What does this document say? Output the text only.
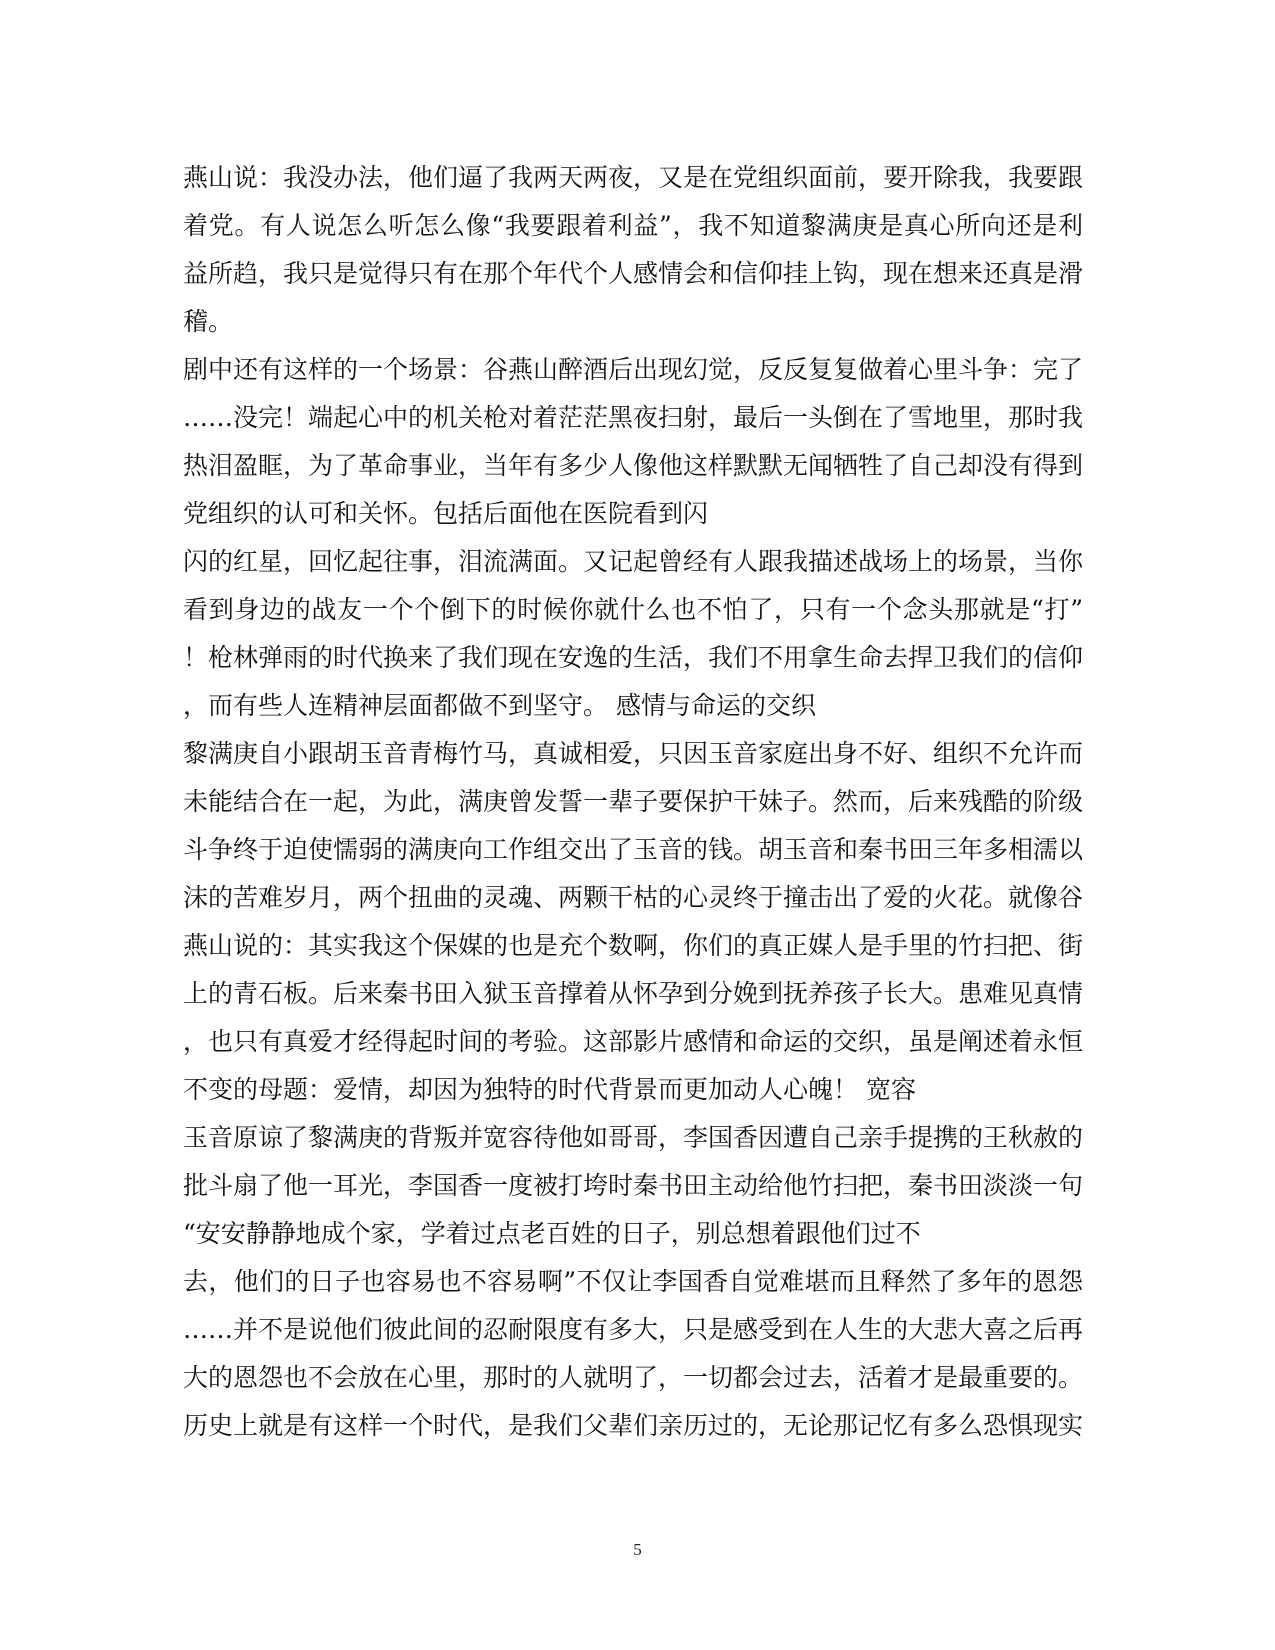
燕山说：我没办法，他们逼了我两天两夜，又是在党组织面前，要开除我，我要跟
着党。有人说怎么听怎么像“我要跟着利益”，我不知道黎满庚是真心所向还是利
益所趋，我只是觉得只有在那个年代个人感情会和信仰挂上钩，现在想来还真是滑
稽。
剧中还有这样的一个场景：谷燕山醉酒后出现幻觉，反反复复做着心里斗争：完了
……没完！端起心中的机关枪对着茫茫黑夜扫射，最后一头倒在了雪地里，那时我
热泪盈眶，为了革命事业，当年有多少人像他这样默默无闻牺牲了自己却没有得到
党组织的认可和关怀。包括后面他在医院看到闪
闪的红星，回忆起往事，泪流满面。又记起曾经有人跟我描述战场上的场景，当你
看到身边的战友一个个倒下的时候你就什么也不怕了，只有一个念头那就是“打”
！枪林弹雨的时代换来了我们现在安逸的生活，我们不用拿生命去捍卫我们的信仰
，而有些人连精神层面都做不到坚守。 感情与命运的交织
黎满庚自小跟胡玉音青梅竹马，真诚相爱，只因玉音家庭出身不好、组织不允许而
未能结合在一起，为此，满庚曾发誓一辈子要保护干妹子。然而，后来残酷的阶级
斗争终于迫使懦弱的满庚向工作组交出了玉音的钱。胡玉音和秦书田三年多相濡以
沫的苦难岁月，两个扭曲的灵魂、两颗干枯的心灵终于撞击出了爱的火花。就像谷
燕山说的：其实我这个保媒的也是充个数啊，你们的真正媒人是手里的竹扫把、街
上的青石板。后来秦书田入狱玉音撑着从怀孕到分娩到抚养孩子长大。患难见真情
，也只有真爱才经得起时间的考验。这部影片感情和命运的交织，虽是阐述着永恒
不变的母题：爱情，却因为独特的时代背景而更加动人心魄！ 宽容
玉音原谅了黎满庚的背叛并宽容待他如哥哥，李国香因遭自己亲手提携的王秋赦的
批斗扇了他一耳光，李国香一度被打垮时秦书田主动给他竹扫把，秦书田淡淡一句
“安安静静地成个家，学着过点老百姓的日子，别总想着跟他们过不
去，他们的日子也容易也不容易啊”不仅让李国香自觉难堪而且释然了多年的恩怨
……并不是说他们彼此间的忍耐限度有多大，只是感受到在人生的大悲大喜之后再
大的恩怨也不会放在心里，那时的人就明了，一切都会过去，活着才是最重要的。
历史上就是有这样一个时代，是我们父辈们亲历过的，无论那记忆有多么恐惧现实
5
